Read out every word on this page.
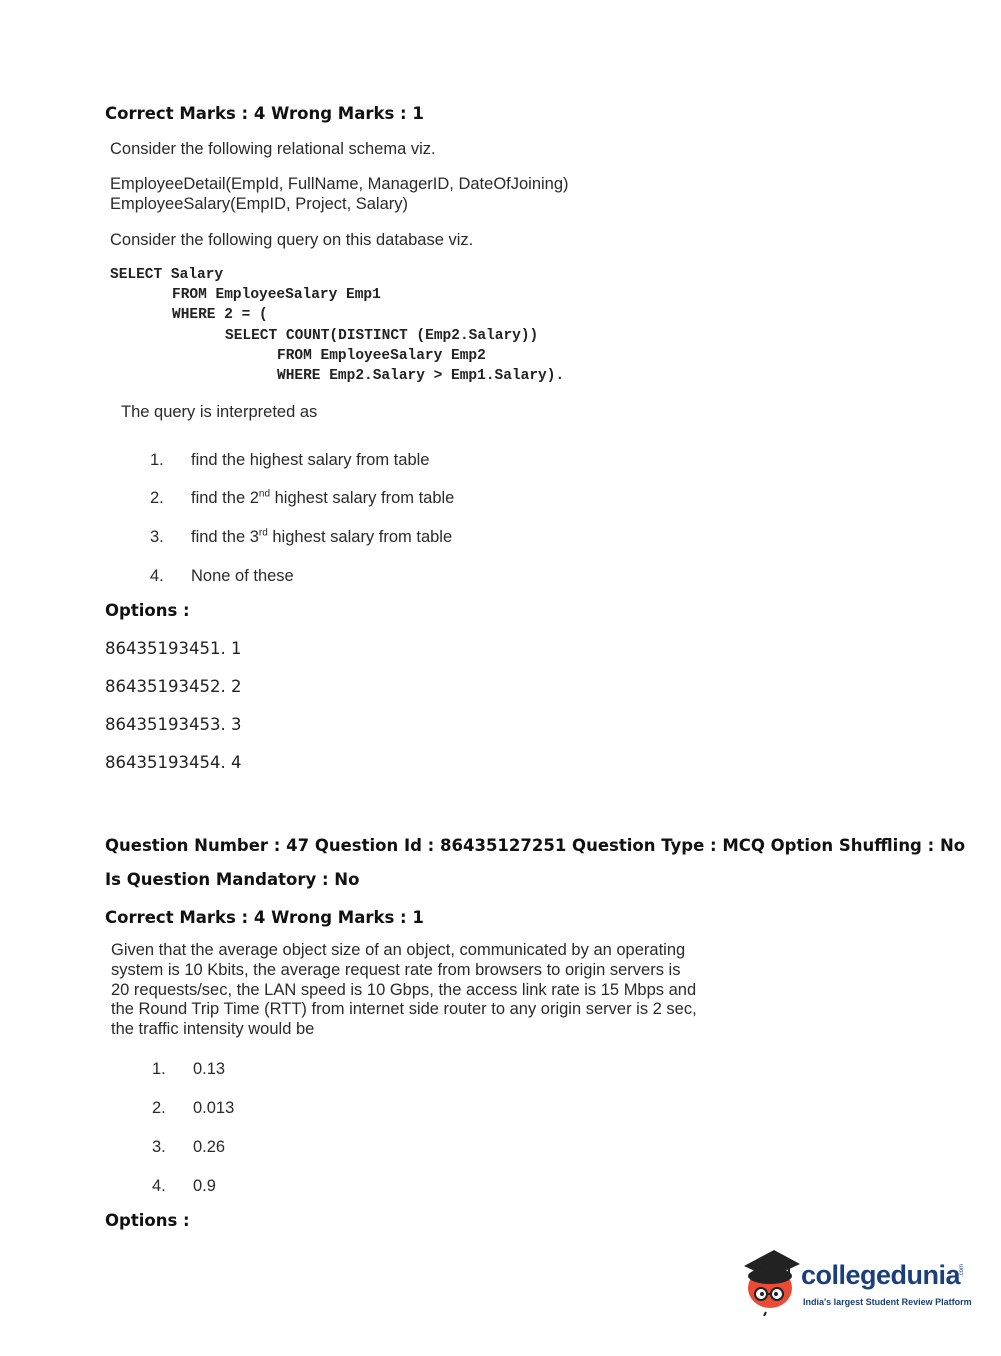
Correct Marks : 4 Wrong Marks : 1
Consider the following relational schema viz.
EmployeeDetail(EmpId, FullName, ManagerID, DateOfJoining)
EmployeeSalary(EmpID, Project, Salary)
Consider the following query on this database viz.
SELECT Salary
FROM EmployeeSalary Emp1
WHERE 2 = (
SELECT COUNT(DISTINCT (Emp2.Salary))
FROM EmployeeSalary Emp2
WHERE Emp2.Salary > Emp1.Salary).
The query is interpreted as
1. find the highest salary from table
2. find the 2nd highest salary from table
3. find the 3rd highest salary from table
4. None of these
Options :
86435193451. 1
86435193452. 2
86435193453. 3
86435193454. 4
Question Number : 47 Question Id : 86435127251 Question Type : MCQ Option Shuffling : No
Is Question Mandatory : No
Correct Marks : 4 Wrong Marks : 1
Given that the average object size of an object, communicated by an operating
system is 10 Kbits, the average request rate from browsers to origin servers is
20 requests/sec, the LAN speed is 10 Gbps, the access link rate is 15 Mbps and
the Round Trip Time (RTT) from internet side router to any origin server is 2 sec,
the traffic intensity would be
1. 0.13
2. 0.013
3. 0.26
4. 0.9
Options :
collegedunia
.com
India's largest Student Review Platform
